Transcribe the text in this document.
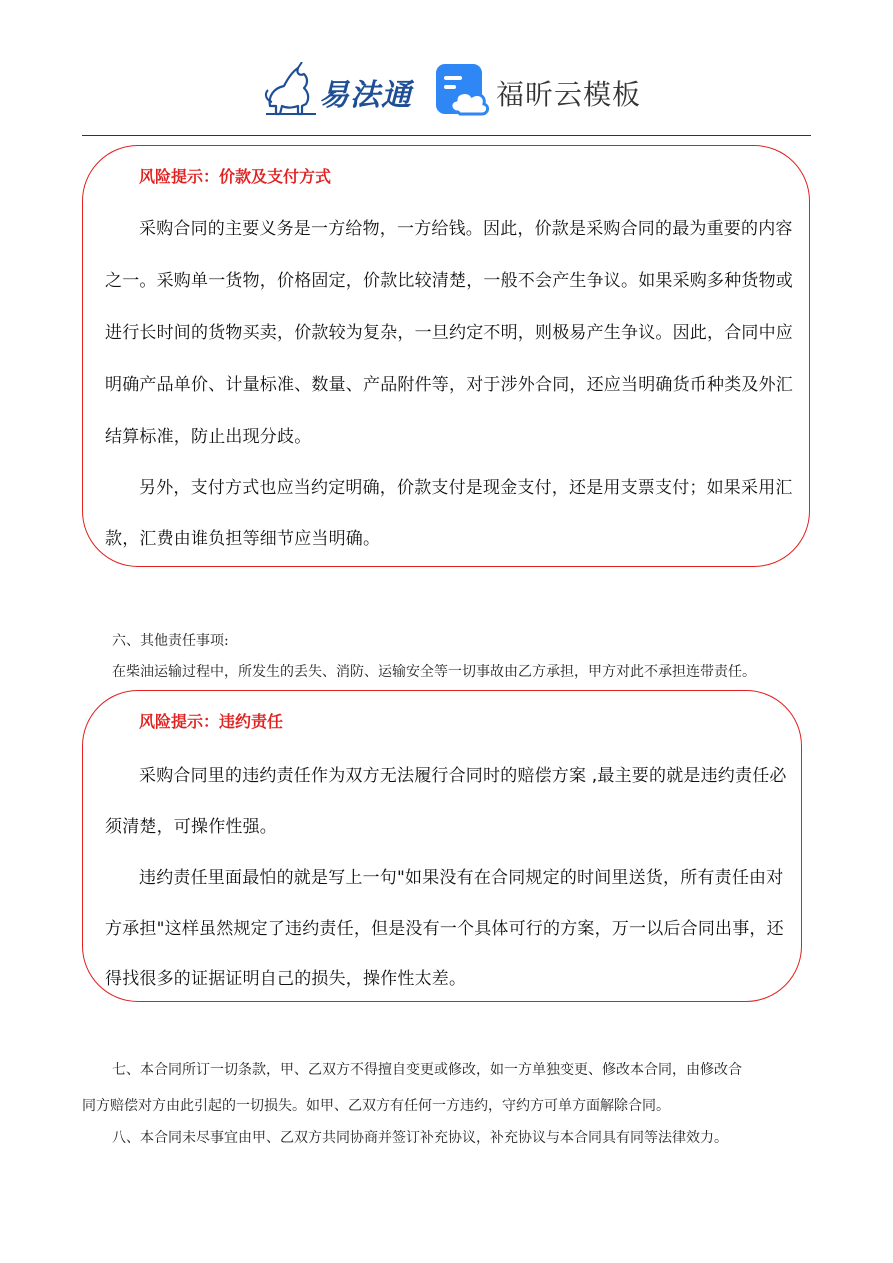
易法通	福昕云模板
风险提示：价款及支付方式
采购合同的主要义务是一方给物，一方给钱。因此，价款是采购合同的最为重要的内容
之一。采购单一货物，价格固定，价款比较清楚，一般不会产生争议。如果采购多种货物或
进行长时间的货物买卖，价款较为复杂，一旦约定不明，则极易产生争议。因此，合同中应
明确产品单价、计量标准、数量、产品附件等，对于涉外合同，还应当明确货币种类及外汇
结算标准，防止出现分歧。
另外，支付方式也应当约定明确，价款支付是现金支付，还是用支票支付；如果采用汇
款，汇费由谁负担等细节应当明确。
六、其他责任事项:
在柴油运输过程中，所发生的丢失、消防、运输安全等一切事故由乙方承担，甲方对此不承担连带责任。
风险提示：违约责任
采购合同里的违约责任作为双方无法履行合同时的赔偿方案 ,最主要的就是违约责任必
须清楚，可操作性强。
违约责任里面最怕的就是写上一句"如果没有在合同规定的时间里送货，所有责任由对
方承担"这样虽然规定了违约责任，但是没有一个具体可行的方案，万一以后合同出事，还
得找很多的证据证明自己的损失，操作性太差。
七、本合同所订一切条款，甲、乙双方不得擅自变更或修改，如一方单独变更、修改本合同，由修改合
同方赔偿对方由此引起的一切损失。如甲、乙双方有任何一方违约，守约方可单方面解除合同。
八、本合同未尽事宜由甲、乙双方共同协商并签订补充协议，补充协议与本合同具有同等法律效力。
